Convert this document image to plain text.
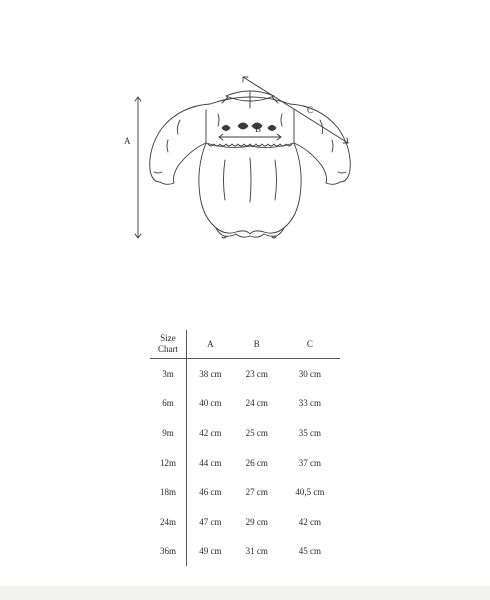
A
B
C
Size
Chart	A	B	C
3m	38 cm	23 cm	30 cm
6m	40 cm	24 cm	33 cm
9m	42 cm	25 cm	35 cm
12m	44 cm	26 cm	37 cm
18m	46 cm	27 cm	40,5 cm
24m	47 cm	29 cm	42 cm
36m	49 cm	31 cm	45 cm
